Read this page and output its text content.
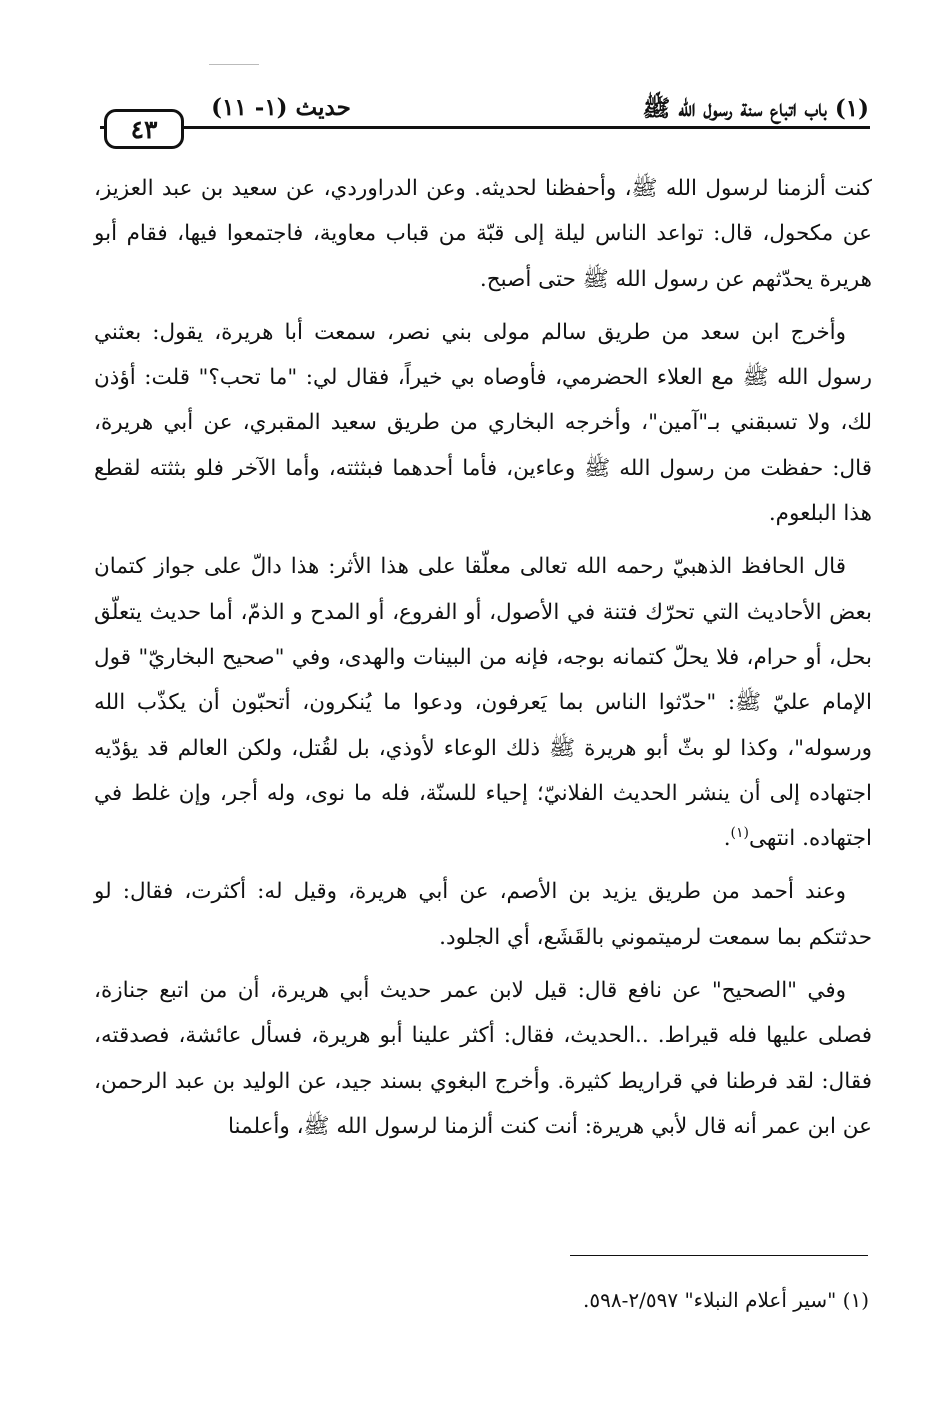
٤٣
حديث (١- ١١)	(١) باب اتباع سنة رسول الله ﷺ

كنت ألزمنا لرسول الله ﷺ، وأحفظنا لحديثه. وعن الدراوردي، عن سعيد بن عبد العزيز، عن مكحول، قال: تواعد الناس ليلة إلى قبّة من قباب معاوية، فاجتمعوا فيها، فقام أبو هريرة يحدّثهم عن رسول الله ﷺ حتى أصبح.

وأخرج ابن سعد من طريق سالم مولى بني نصر، سمعت أبا هريرة، يقول: بعثني رسول الله ﷺ مع العلاء الحضرمي، فأوصاه بي خيراً، فقال لي: "ما تحب؟" قلت: أؤذن لك، ولا تسبقني بـ"آمين"، وأخرجه البخاري من طريق سعيد المقبري، عن أبي هريرة، قال: حفظت من رسول الله ﷺ وعاءين، فأما أحدهما فبثثته، وأما الآخر فلو بثثته لقطع هذا البلعوم.

قال الحافظ الذهبيّ رحمه الله تعالى معلّقا على هذا الأثر: هذا دالّ على جواز كتمان بعض الأحاديث التي تحرّك فتنة في الأصول، أو الفروع، أو المدح و الذمّ، أما حديث يتعلّق بحل، أو حرام، فلا يحلّ كتمانه بوجه، فإنه من البينات والهدى، وفي "صحيح البخاريّ" قول الإمام عليّ ﷺ: "حدّثوا الناس بما يَعرفون، ودعوا ما يُنكرون، أتحبّون أن يكذّب الله ورسوله"، وكذا لو بثّ أبو هريرة ﷺ ذلك الوعاء لأوذي، بل لقُتل، ولكن العالم قد يؤدّيه اجتهاده إلى أن ينشر الحديث الفلانيّ؛ إحياء للسنّة، فله ما نوى، وله أجر، وإن غلط في اجتهاده. انتهى$^{(١)}$.

وعند أحمد من طريق يزيد بن الأصم، عن أبي هريرة، وقيل له: أكثرت، فقال: لو حدثتكم بما سمعت لرميتموني بالقَشَع، أي الجلود.

وفي "الصحيح" عن نافع قال: قيل لابن عمر حديث أبي هريرة، أن من اتبع جنازة، فصلى عليها فله قيراط. ..الحديث، فقال: أكثر علينا أبو هريرة، فسأل عائشة، فصدقته، فقال: لقد فرطنا في قراريط كثيرة. وأخرج البغوي بسند جيد، عن الوليد بن عبد الرحمن، عن ابن عمر أنه قال لأبي هريرة: أنت كنت ألزمنا لرسول الله ﷺ، وأعلمنا

(١) "سير أعلام النبلاء" ٢/٥٩٧-٥٩٨.
